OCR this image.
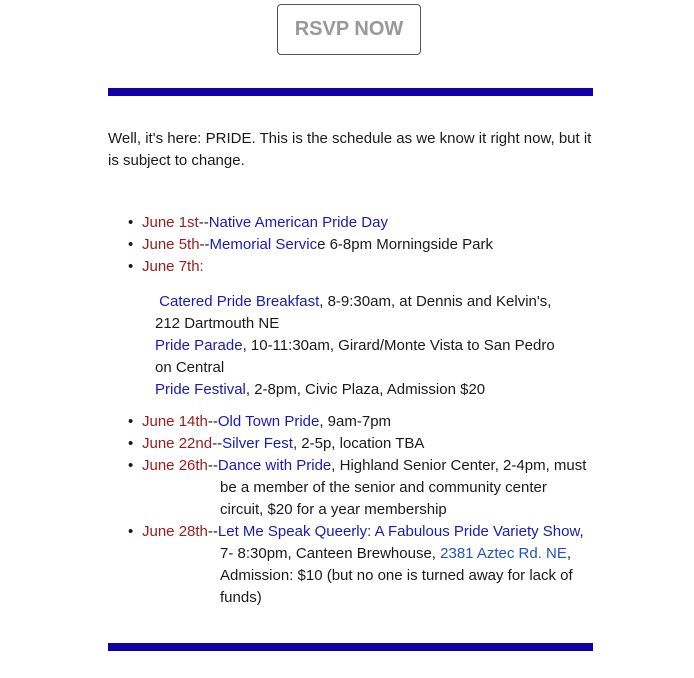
RSVP NOW

Well, it's here: PRIDE. This is the schedule as we know it right now, but it is subject to change.

• June 1st--Native American Pride Day
• June 5th--Memorial Service 6-8pm Morningside Park
• June 7th:
Catered Pride Breakfast, 8-9:30am, at Dennis and Kelvin's, 212 Dartmouth NE
Pride Parade, 10-11:30am, Girard/Monte Vista to San Pedro on Central
Pride Festival, 2-8pm, Civic Plaza, Admission $20
• June 14th--Old Town Pride, 9am-7pm
• June 22nd--Silver Fest, 2-5p, location TBA
• June 26th--Dance with Pride, Highland Senior Center, 2-4pm, must be a member of the senior and community center circuit, $20 for a year membership
• June 28th--Let Me Speak Queerly: A Fabulous Pride Variety Show, 7- 8:30pm, Canteen Brewhouse, 2381 Aztec Rd. NE, Admission: $10 (but no one is turned away for lack of funds)
